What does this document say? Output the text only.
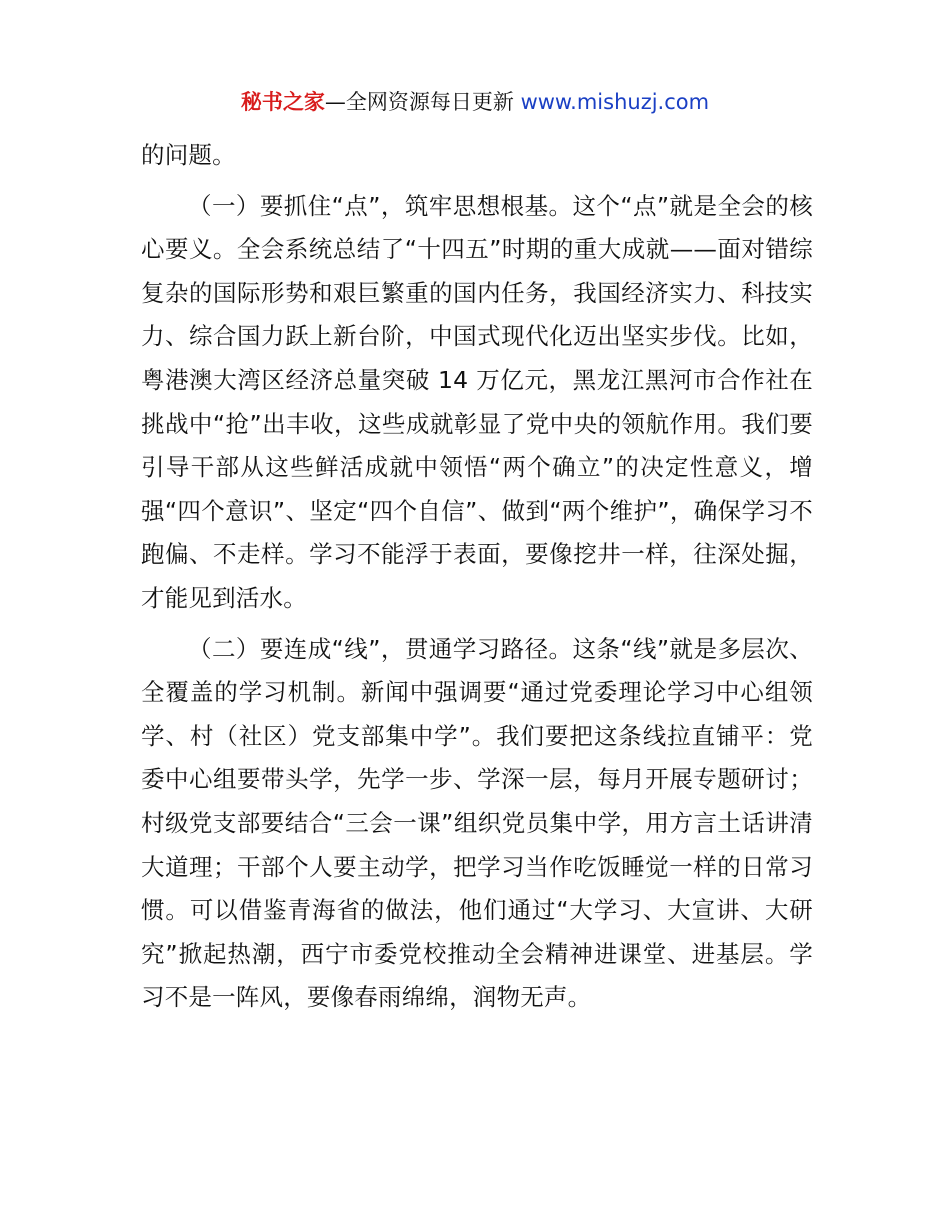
秘书之家—全网资源每日更新 www.mishuzj.com

的问题。

（一）要抓住“点”，筑牢思想根基。这个“点”就是全会的核心要义。全会系统总结了“十四五”时期的重大成就——面对错综复杂的国际形势和艰巨繁重的国内任务，我国经济实力、科技实力、综合国力跃上新台阶，中国式现代化迈出坚实步伐。比如，粤港澳大湾区经济总量突破 14 万亿元，黑龙江黑河市合作社在挑战中“抢”出丰收，这些成就彰显了党中央的领航作用。我们要引导干部从这些鲜活成就中领悟“两个确立”的决定性意义，增强“四个意识”、坚定“四个自信”、做到“两个维护”，确保学习不跑偏、不走样。学习不能浮于表面，要像挖井一样，往深处掘，才能见到活水。

（二）要连成“线”，贯通学习路径。这条“线”就是多层次、全覆盖的学习机制。新闻中强调要“通过党委理论学习中心组领学、村（社区）党支部集中学”。我们要把这条线拉直铺平：党委中心组要带头学，先学一步、学深一层，每月开展专题研讨；村级党支部要结合“三会一课”组织党员集中学，用方言土话讲清大道理；干部个人要主动学，把学习当作吃饭睡觉一样的日常习惯。可以借鉴青海省的做法，他们通过“大学习、大宣讲、大研究”掀起热潮，西宁市委党校推动全会精神进课堂、进基层。学习不是一阵风，要像春雨绵绵，润物无声。
